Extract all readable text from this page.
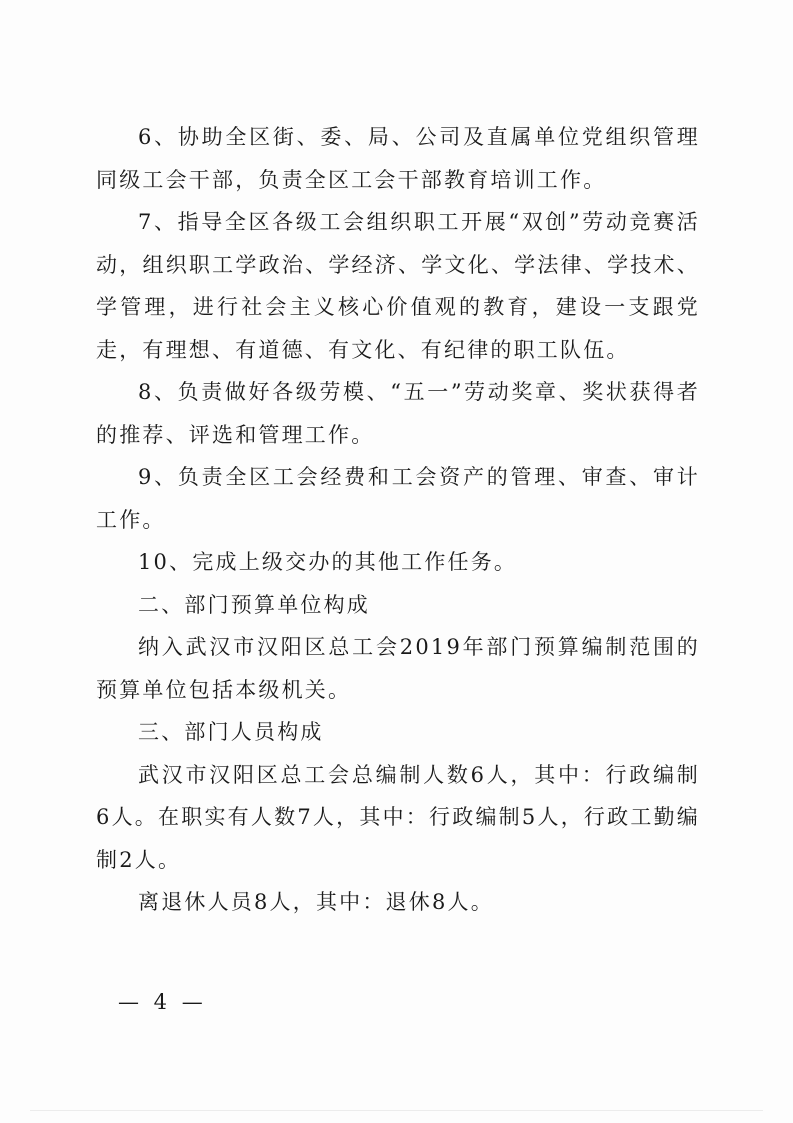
6、协助全区街、委、局、公司及直属单位党组织管理同级工会干部，负责全区工会干部教育培训工作。

7、指导全区各级工会组织职工开展“双创”劳动竞赛活动，组织职工学政治、学经济、学文化、学法律、学技术、学管理，进行社会主义核心价值观的教育，建设一支跟党走，有理想、有道德、有文化、有纪律的职工队伍。

8、负责做好各级劳模、“五一”劳动奖章、奖状获得者的推荐、评选和管理工作。

9、负责全区工会经费和工会资产的管理、审查、审计工作。

10、完成上级交办的其他工作任务。

二、部门预算单位构成

纳入武汉市汉阳区总工会2019年部门预算编制范围的预算单位包括本级机关。

三、部门人员构成

武汉市汉阳区总工会总编制人数6人，其中：行政编制6人。在职实有人数7人，其中：行政编制5人，行政工勤编制2人。

离退休人员8人，其中：退休8人。

— 4 —
